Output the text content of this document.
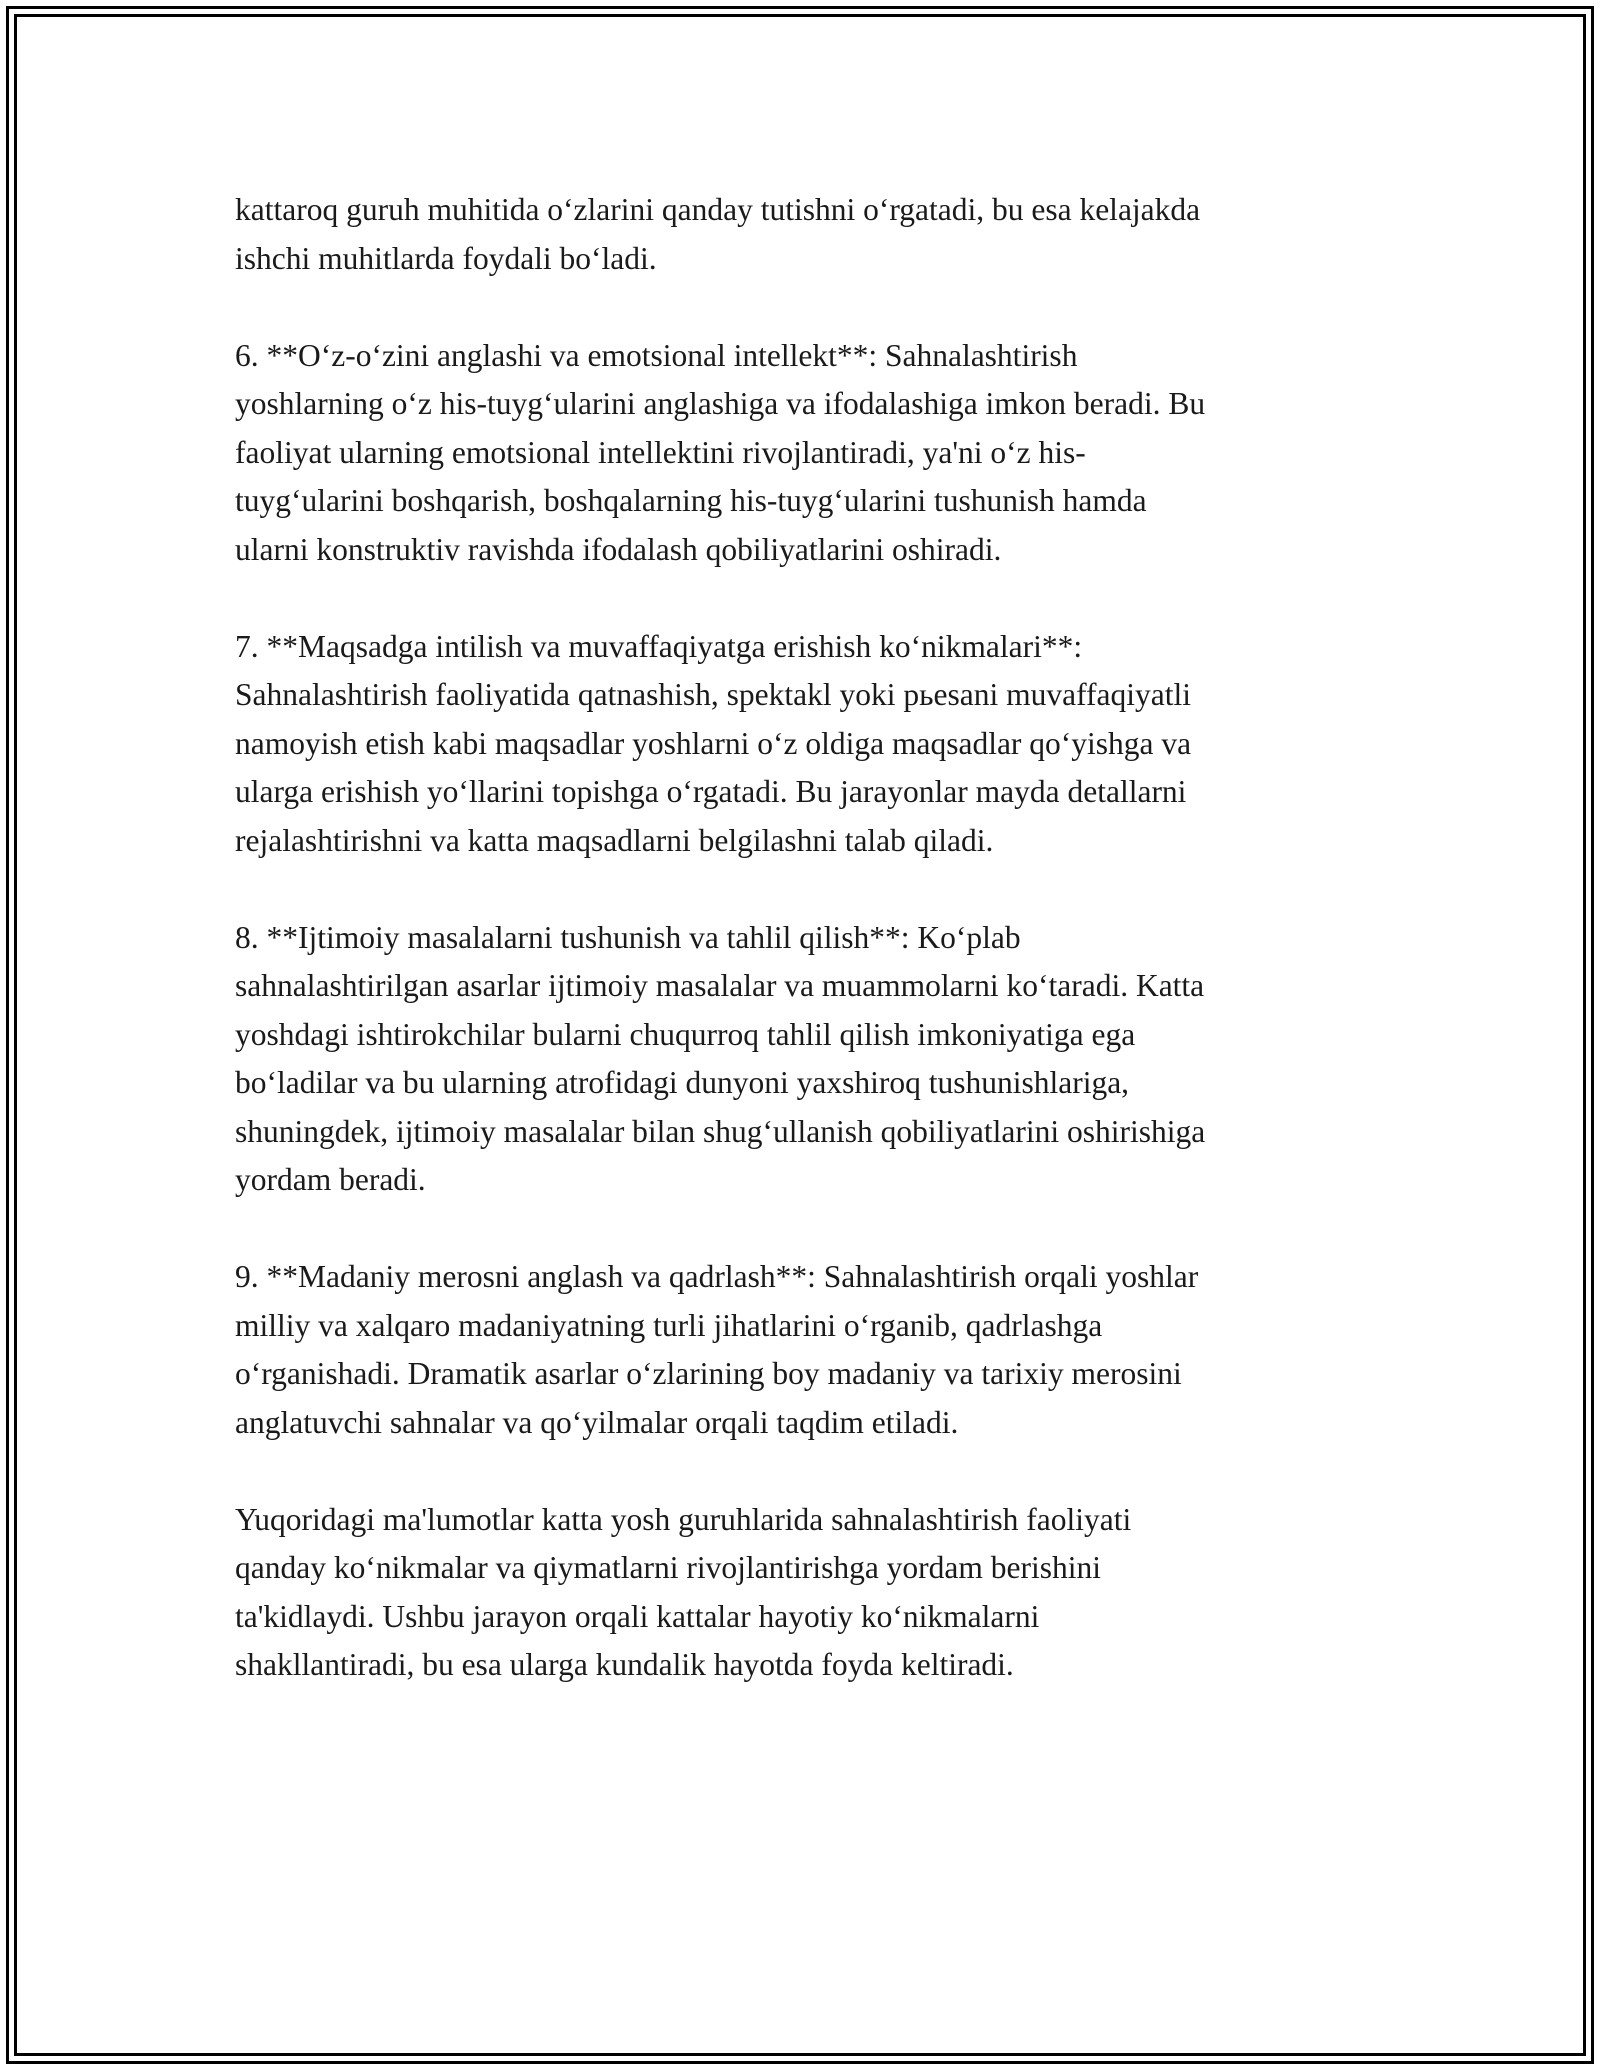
kattaroq guruh muhitida o‘zlarini qanday tutishni o‘rgatadi, bu esa kelajakda
ishchi muhitlarda foydali bo‘ladi.

6. **O‘z-o‘zini anglashi va emotsional intellekt**: Sahnalashtirish
yoshlarning o‘z his-tuyg‘ularini anglashiga va ifodalashiga imkon beradi. Bu
faoliyat ularning emotsional intellektini rivojlantiradi, ya'ni o‘z his-
tuyg‘ularini boshqarish, boshqalarning his-tuyg‘ularini tushunish hamda
ularni konstruktiv ravishda ifodalash qobiliyatlarini oshiradi.

7. **Maqsadga intilish va muvaffaqiyatga erishish ko‘nikmalari**:
Sahnalashtirish faoliyatida qatnashish, spektakl yoki pьesani muvaffaqiyatli
namoyish etish kabi maqsadlar yoshlarni o‘z oldiga maqsadlar qo‘yishga va
ularga erishish yo‘llarini topishga o‘rgatadi. Bu jarayonlar mayda detallarni
rejalashtirishni va katta maqsadlarni belgilashni talab qiladi.

8. **Ijtimoiy masalalarni tushunish va tahlil qilish**: Ko‘plab
sahnalashtirilgan asarlar ijtimoiy masalalar va muammolarni ko‘taradi. Katta
yoshdagi ishtirokchilar bularni chuqurroq tahlil qilish imkoniyatiga ega
bo‘ladilar va bu ularning atrofidagi dunyoni yaxshiroq tushunishlariga,
shuningdek, ijtimoiy masalalar bilan shug‘ullanish qobiliyatlarini oshirishiga
yordam beradi.

9. **Madaniy merosni anglash va qadrlash**: Sahnalashtirish orqali yoshlar
milliy va xalqaro madaniyatning turli jihatlarini o‘rganib, qadrlashga
o‘rganishadi. Dramatik asarlar o‘zlarining boy madaniy va tarixiy merosini
anglatuvchi sahnalar va qo‘yilmalar orqali taqdim etiladi.

Yuqoridagi ma'lumotlar katta yosh guruhlarida sahnalashtirish faoliyati
qanday ko‘nikmalar va qiymatlarni rivojlantirishga yordam berishini
ta'kidlaydi. Ushbu jarayon orqali kattalar hayotiy ko‘nikmalarni
shakllantiradi, bu esa ularga kundalik hayotda foyda keltiradi.
